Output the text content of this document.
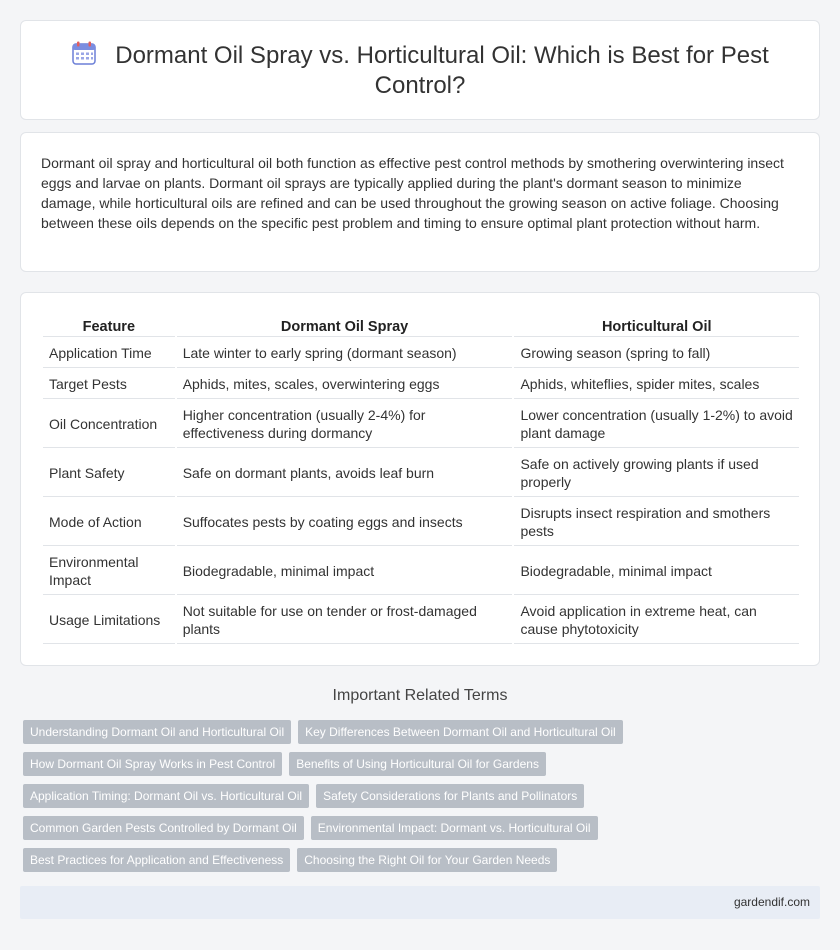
Dormant Oil Spray vs. Horticultural Oil: Which is Best for Pest Control?

Dormant oil spray and horticultural oil both function as effective pest control methods by smothering overwintering insect eggs and larvae on plants. Dormant oil sprays are typically applied during the plant's dormant season to minimize damage, while horticultural oils are refined and can be used throughout the growing season on active foliage. Choosing between these oils depends on the specific pest problem and timing to ensure optimal plant protection without harm.

Feature	Dormant Oil Spray	Horticultural Oil
Application Time	Late winter to early spring (dormant season)	Growing season (spring to fall)
Target Pests	Aphids, mites, scales, overwintering eggs	Aphids, whiteflies, spider mites, scales
Oil Concentration	Higher concentration (usually 2-4%) for effectiveness during dormancy	Lower concentration (usually 1-2%) to avoid plant damage
Plant Safety	Safe on dormant plants, avoids leaf burn	Safe on actively growing plants if used properly
Mode of Action	Suffocates pests by coating eggs and insects	Disrupts insect respiration and smothers pests
Environmental Impact	Biodegradable, minimal impact	Biodegradable, minimal impact
Usage Limitations	Not suitable for use on tender or frost-damaged plants	Avoid application in extreme heat, can cause phytotoxicity
Important Related Terms
Understanding Dormant Oil and Horticultural Oil	Key Differences Between Dormant Oil and Horticultural Oil
How Dormant Oil Spray Works in Pest Control	Benefits of Using Horticultural Oil for Gardens
Application Timing: Dormant Oil vs. Horticultural Oil	Safety Considerations for Plants and Pollinators
Common Garden Pests Controlled by Dormant Oil	Environmental Impact: Dormant vs. Horticultural Oil
Best Practices for Application and Effectiveness	Choosing the Right Oil for Your Garden Needs
gardendif.com
